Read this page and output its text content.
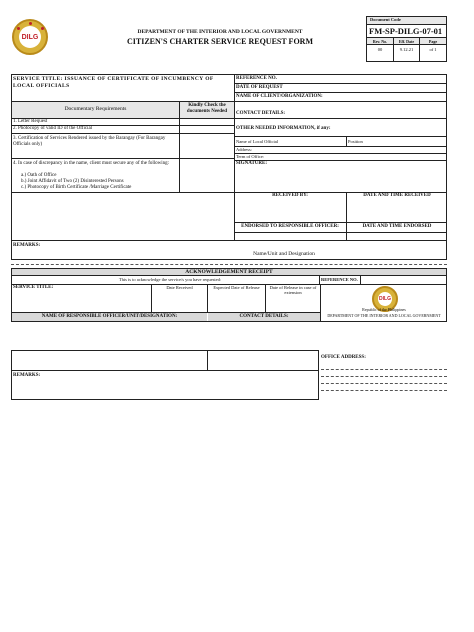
DILG
DEPARTMENT OF THE INTERIOR AND LOCAL GOVERNMENT
CITIZEN'S CHARTER SERVICE REQUEST FORM
Document Code
FM-SP-DILG-07-01
Rev. No.	Eff. Date	Page
00	9.12.21	of 1
SERVICE TITLE: ISSUANCE OF CERTIFICATE OF INCUMBENCY OF LOCAL OFFICIALS
REFERENCE NO.
DATE OF REQUEST
NAME OF CLIENT/ORGANIZATION:
Documentary Requirements
Kindly Check the documents Needed	CONTACT DETAILS:
1. Letter Request
2. Photocopy of valid ID of the Official
3. Certification of Services Rendered issued by the Barangay (For Barangay Officials only)
4. In case of discrepancy in the name, client must secure any of the following:
a.) Oath of Office
b.) Joint Affidavit of Two (2) Disinterested Persons
c.) Photocopy of Birth Certificate /Marriage Certificate
OTHER NEEDED INFORMATION, if any:
Name of Local Official	Position
Address:
Term of Office:
SIGNATURE:
RECEIVED BY:	DATE AND TIME RECEIVED
ENDORSED TO RESPONSIBLE OFFICER:	DATE AND TIME ENDORSED
REMARKS:
Name/Unit and Designation
ACKNOWLEDGEMENT RECEIPT
This is to acknowledge the service/s you have requested:	REFERENCE NO.
SERVICE TITLE:	Date Received	Expected Date of Release	Date of Release in case of extension
DILG
Republic of the Philippines
DEPARTMENT OF THE INTERIOR AND LOCAL GOVERNMENT
NAME OF RESPONSIBLE OFFICER/UNIT/DESIGNATION:	CONTACT DETAILS:
REMARKS:
OFFICE ADDRESS:
